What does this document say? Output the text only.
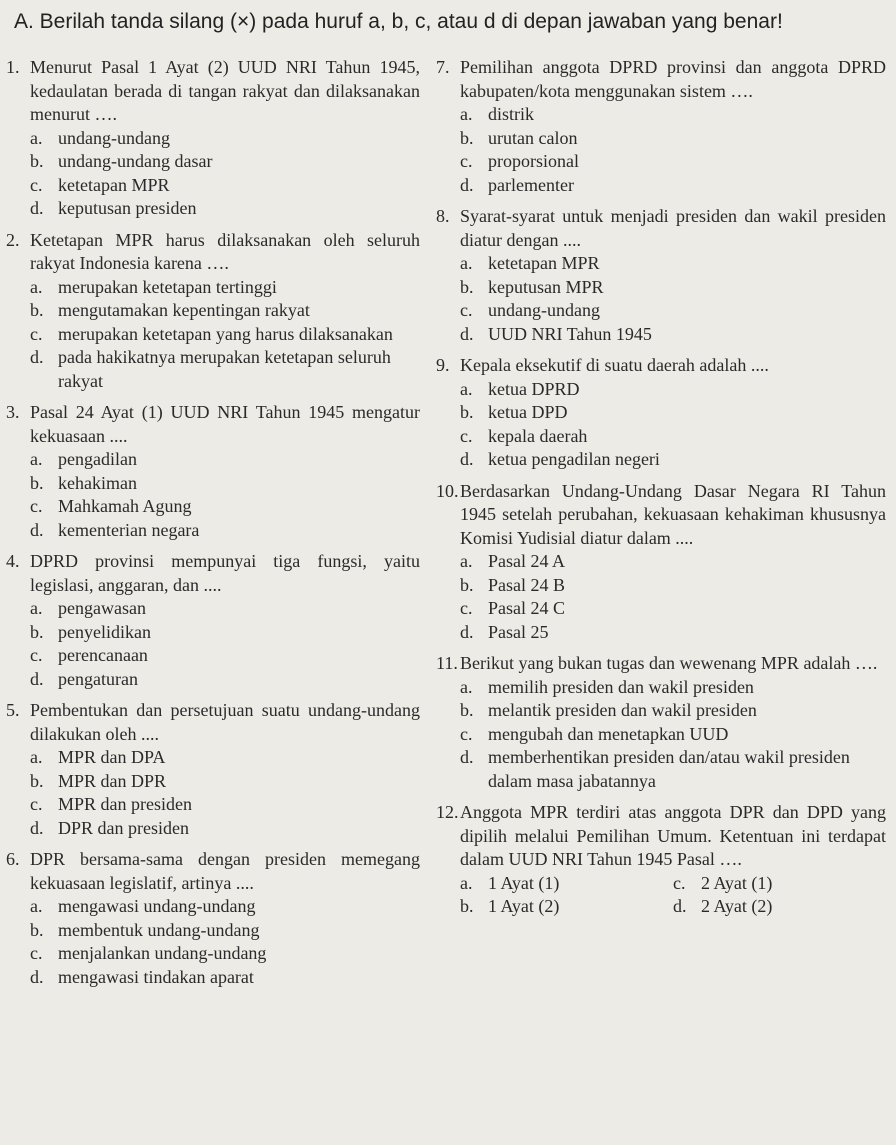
A. Berilah tanda silang (×) pada huruf a, b, c, atau d di depan jawaban yang benar!
1. Menurut Pasal 1 Ayat (2) UUD NRI Tahun 1945, kedaulatan berada di tangan rakyat dan dilaksanakan menurut ….
a. undang-undang
b. undang-undang dasar
c. ketetapan MPR
d. keputusan presiden
2. Ketetapan MPR harus dilaksanakan oleh seluruh rakyat Indonesia karena ….
a. merupakan ketetapan tertinggi
b. mengutamakan kepentingan rakyat
c. merupakan ketetapan yang harus dilaksanakan
d. pada hakikatnya merupakan ketetapan seluruh rakyat
3. Pasal 24 Ayat (1) UUD NRI Tahun 1945 mengatur kekuasaan ....
a. pengadilan
b. kehakiman
c. Mahkamah Agung
d. kementerian negara
4. DPRD provinsi mempunyai tiga fungsi, yaitu legislasi, anggaran, dan ....
a. pengawasan
b. penyelidikan
c. perencanaan
d. pengaturan
5. Pembentukan dan persetujuan suatu undang-undang dilakukan oleh ....
a. MPR dan DPA
b. MPR dan DPR
c. MPR dan presiden
d. DPR dan presiden
6. DPR bersama-sama dengan presiden memegang kekuasaan legislatif, artinya ....
a. mengawasi undang-undang
b. membentuk undang-undang
c. menjalankan undang-undang
d. mengawasi tindakan aparat
7. Pemilihan anggota DPRD provinsi dan anggota DPRD kabupaten/kota menggunakan sistem ….
a. distrik
b. urutan calon
c. proporsional
d. parlementer
8. Syarat-syarat untuk menjadi presiden dan wakil presiden diatur dengan ....
a. ketetapan MPR
b. keputusan MPR
c. undang-undang
d. UUD NRI Tahun 1945
9. Kepala eksekutif di suatu daerah adalah ....
a. ketua DPRD
b. ketua DPD
c. kepala daerah
d. ketua pengadilan negeri
10. Berdasarkan Undang-Undang Dasar Negara RI Tahun 1945 setelah perubahan, kekuasaan kehakiman khususnya Komisi Yudisial diatur dalam ....
a. Pasal 24 A
b. Pasal 24 B
c. Pasal 24 C
d. Pasal 25
11. Berikut yang bukan tugas dan wewenang MPR adalah ….
a. memilih presiden dan wakil presiden
b. melantik presiden dan wakil presiden
c. mengubah dan menetapkan UUD
d. memberhentikan presiden dan/atau wakil presiden dalam masa jabatannya
12. Anggota MPR terdiri atas anggota DPR dan DPD yang dipilih melalui Pemilihan Umum. Ketentuan ini terdapat dalam UUD NRI Tahun 1945 Pasal ….
a. 1 Ayat (1)	c. 2 Ayat (1)
b. 1 Ayat (2)	d. 2 Ayat (2)
